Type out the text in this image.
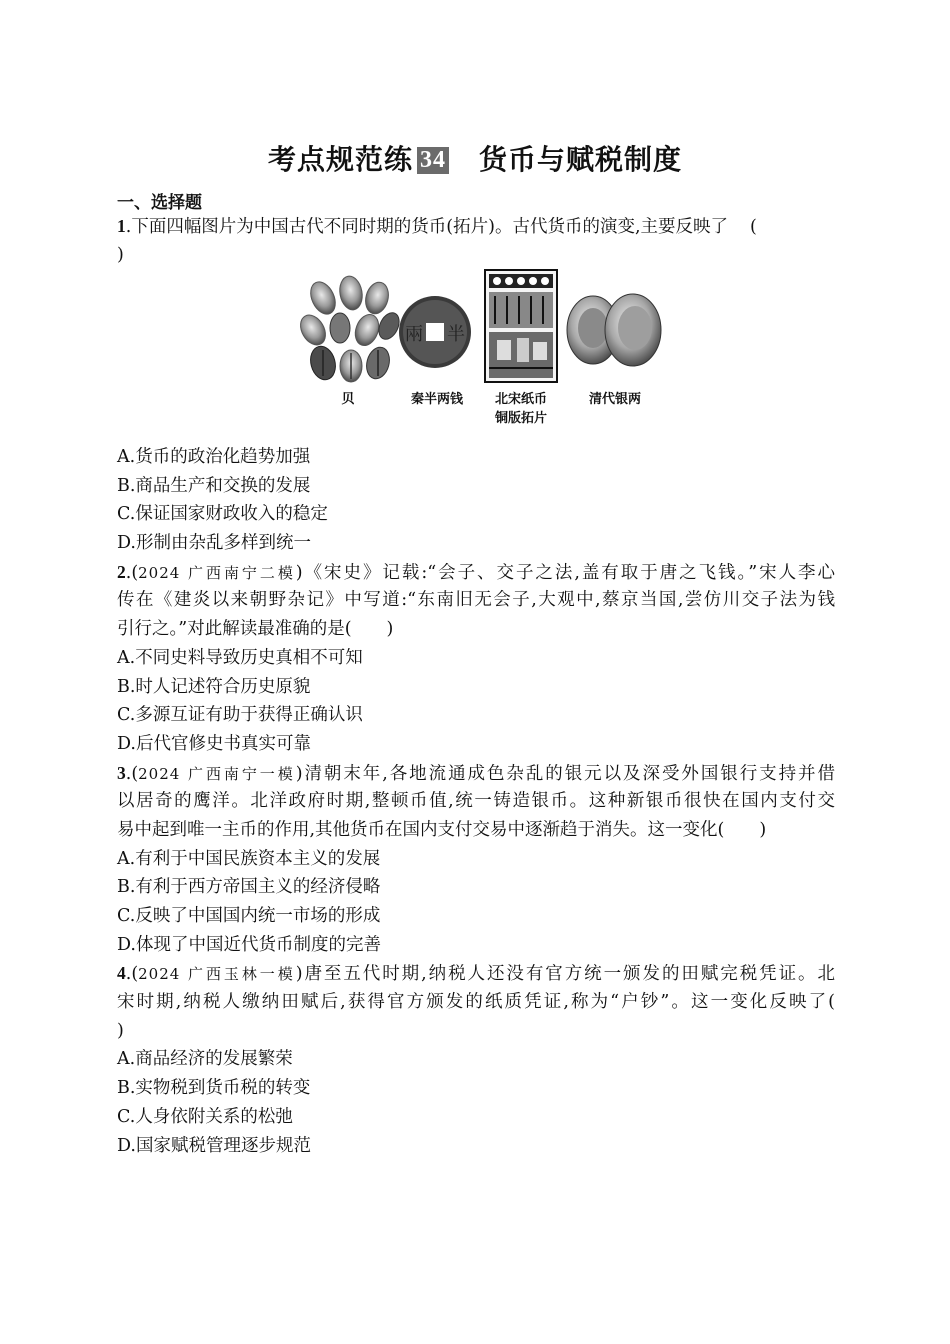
考点规范练 34 货币与赋税制度
一、选择题
1.下面四幅图片为中国古代不同时期的货币(拓片)。古代货币的演变,主要反映了 (
)
兩 半
贝	秦半两钱	北宋纸币
铜版拓片
清代银两
A.货币的政治化趋势加强
B.商品生产和交换的发展
C.保证国家财政收入的稳定
D.形制由杂乱多样到统一
2.(2024 广西南宁二模)《宋史》记载:“会子、交子之法,盖有取于唐之飞钱。”宋人李心
传在《建炎以来朝野杂记》中写道:“东南旧无会子,大观中,蔡京当国,尝仿川交子法为钱
引行之。”对此解读最准确的是(　　)
A.不同史料导致历史真相不可知
B.时人记述符合历史原貌
C.多源互证有助于获得正确认识
D.后代官修史书真实可靠
3.(2024 广西南宁一模)清朝末年,各地流通成色杂乱的银元以及深受外国银行支持并借
以居奇的鹰洋。北洋政府时期,整顿币值,统一铸造银币。这种新银币很快在国内支付交
易中起到唯一主币的作用,其他货币在国内支付交易中逐渐趋于消失。这一变化(　　)
A.有利于中国民族资本主义的发展
B.有利于西方帝国主义的经济侵略
C.反映了中国国内统一市场的形成
D.体现了中国近代货币制度的完善
4.(2024 广西玉林一模)唐至五代时期,纳税人还没有官方统一颁发的田赋完税凭证。北
宋时期,纳税人缴纳田赋后,获得官方颁发的纸质凭证,称为“户钞”。这一变化反映了(
)
A.商品经济的发展繁荣
B.实物税到货币税的转变
C.人身依附关系的松弛
D.国家赋税管理逐步规范
